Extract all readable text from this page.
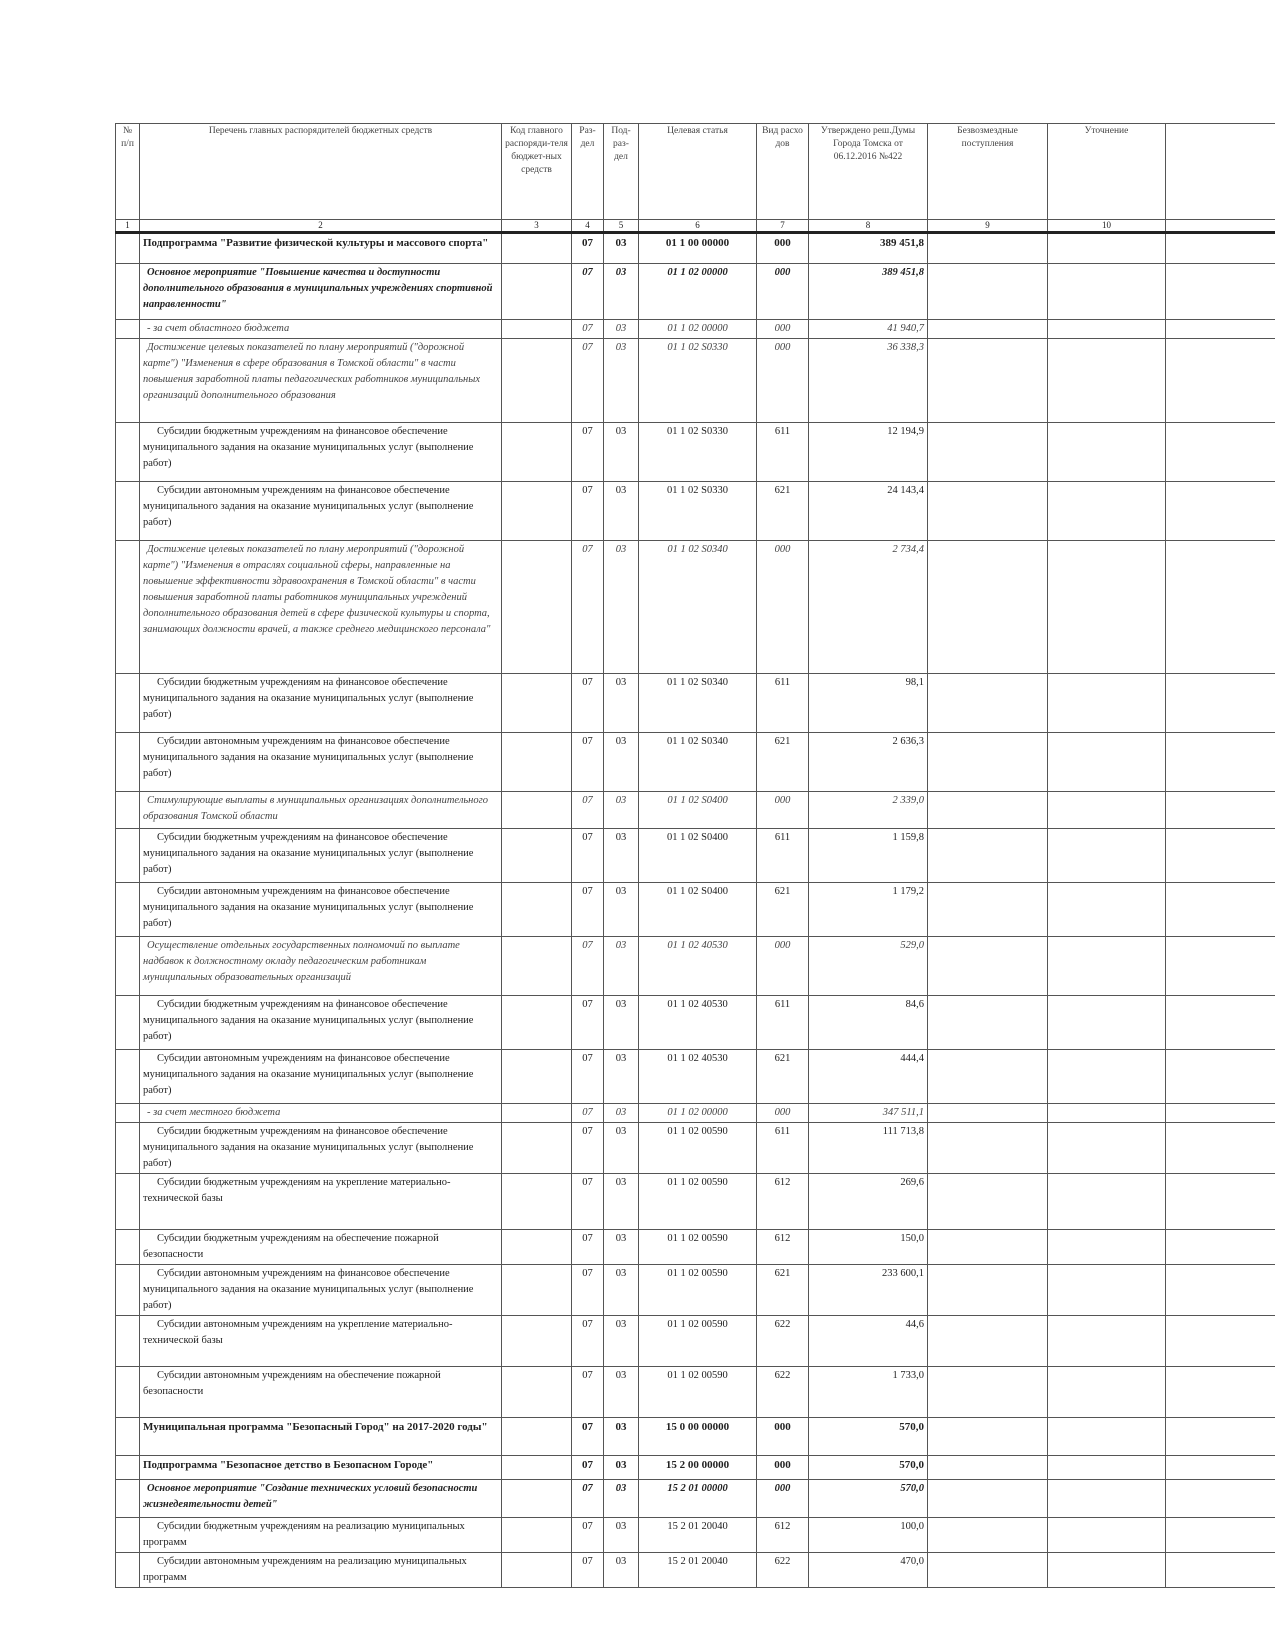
№ п/п	Перечень главных распорядителей бюджетных средств	Код главного распоряди-теля бюджет-ных средств	Раз-дел	Под-раз-дел	Целевая статья	Вид расхо дов	Утверждено реш.Думы Города Томска от 06.12.2016 №422	Безвозмездные поступления	Уточнение	
1	2	3	4	5	6	7	8	9	10	
	Подпрограмма "Развитие физической культуры и массового спорта"		07	03	01 1 00 00000	000	389 451,8			
	Основное мероприятие "Повышение качества и доступности дополнительного образования в муниципальных учреждениях спортивной направленности"		07	03	01 1 02 00000	000	389 451,8			
	- за счет областного бюджета		07	03	01 1 02 00000	000	41 940,7			
	Достижение целевых показателей по плану мероприятий ("дорожной карте") "Изменения в сфере образования в Томской области" в части повышения заработной платы педагогических работников муниципальных организаций дополнительного образования		07	03	01 1 02 S0330	000	36 338,3			
	Субсидии бюджетным учреждениям на финансовое обеспечение муниципального задания на оказание муниципальных услуг (выполнение работ)		07	03	01 1 02 S0330	611	12 194,9			
	Субсидии автономным учреждениям на финансовое обеспечение муниципального задания на оказание муниципальных услуг (выполнение работ)		07	03	01 1 02 S0330	621	24 143,4			
	Достижение целевых показателей по плану мероприятий ("дорожной карте") "Изменения в отраслях социальной сферы, направленные на повышение эффективности здравоохранения в Томской области" в части повышения заработной платы работников муниципальных учреждений дополнительного образования детей в сфере физической культуры и спорта, занимающих должности врачей, а также среднего медицинского персонала"		07	03	01 1 02 S0340	000	2 734,4			
	Субсидии бюджетным учреждениям на финансовое обеспечение муниципального задания на оказание муниципальных услуг (выполнение работ)		07	03	01 1 02 S0340	611	98,1			
	Субсидии автономным учреждениям на финансовое обеспечение муниципального задания на оказание муниципальных услуг (выполнение работ)		07	03	01 1 02 S0340	621	2 636,3			
	Стимулирующие выплаты в муниципальных организациях дополнительного образования Томской области		07	03	01 1 02 S0400	000	2 339,0			
	Субсидии бюджетным учреждениям на финансовое обеспечение муниципального задания на оказание муниципальных услуг (выполнение работ)		07	03	01 1 02 S0400	611	1 159,8			
	Субсидии автономным учреждениям на финансовое обеспечение муниципального задания на оказание муниципальных услуг (выполнение работ)		07	03	01 1 02 S0400	621	1 179,2			
	Осуществление отдельных государственных полномочий по выплате надбавок к должностному окладу педагогическим работникам муниципальных образовательных организаций		07	03	01 1 02 40530	000	529,0			
	Субсидии бюджетным учреждениям на финансовое обеспечение муниципального задания на оказание муниципальных услуг (выполнение работ)		07	03	01 1 02 40530	611	84,6			
	Субсидии автономным учреждениям на финансовое обеспечение муниципального задания на оказание муниципальных услуг (выполнение работ)		07	03	01 1 02 40530	621	444,4			
	- за счет местного бюджета		07	03	01 1 02 00000	000	347 511,1			
	Субсидии бюджетным учреждениям на финансовое обеспечение муниципального задания на оказание муниципальных услуг (выполнение работ)		07	03	01 1 02 00590	611	111 713,8			
	Субсидии бюджетным учреждениям на укрепление материально-технической базы		07	03	01 1 02 00590	612	269,6			
	Субсидии бюджетным учреждениям на обеспечение пожарной безопасности		07	03	01 1 02 00590	612	150,0			
	Субсидии автономным учреждениям на финансовое обеспечение муниципального задания на оказание муниципальных услуг (выполнение работ)		07	03	01 1 02 00590	621	233 600,1			
	Субсидии автономным учреждениям на укрепление материально-технической базы		07	03	01 1 02 00590	622	44,6			
	Субсидии автономным учреждениям на обеспечение пожарной безопасности		07	03	01 1 02 00590	622	1 733,0			
	Муниципальная программа "Безопасный Город" на 2017-2020 годы"		07	03	15 0 00 00000	000	570,0			
	Подпрограмма "Безопасное детство в Безопасном Городе"		07	03	15 2 00 00000	000	570,0			
	Основное мероприятие "Создание технических условий безопасности жизнедеятельности детей"		07	03	15 2 01 00000	000	570,0			
	Субсидии бюджетным учреждениям на реализацию муниципальных программ		07	03	15 2 01 20040	612	100,0			
	Субсидии автономным учреждениям на реализацию муниципальных программ		07	03	15 2 01 20040	622	470,0			
